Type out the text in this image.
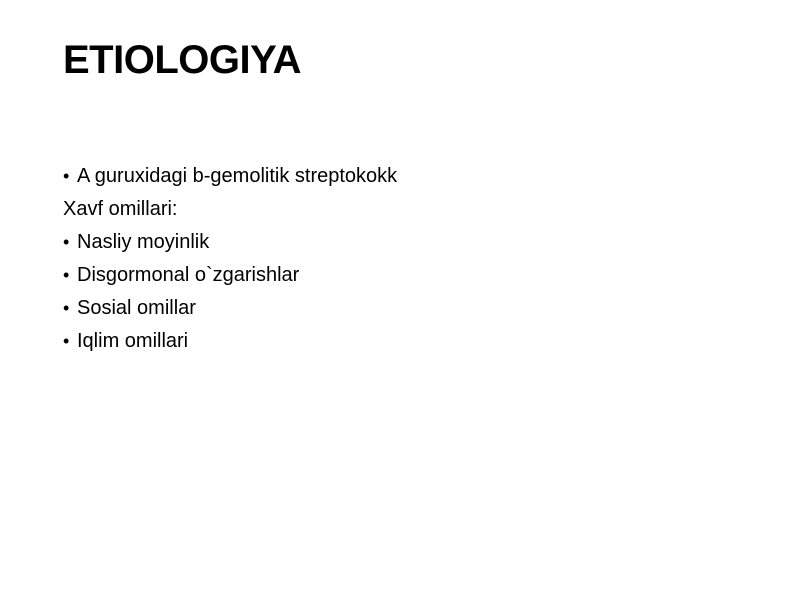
ETIOLOGIYA
• A guruxidagi b-gemolitik streptokokk
Xavf omillari:
• Nasliy moyinlik
• Disgormonal o`zgarishlar
• Sosial omillar
• Iqlim omillari
